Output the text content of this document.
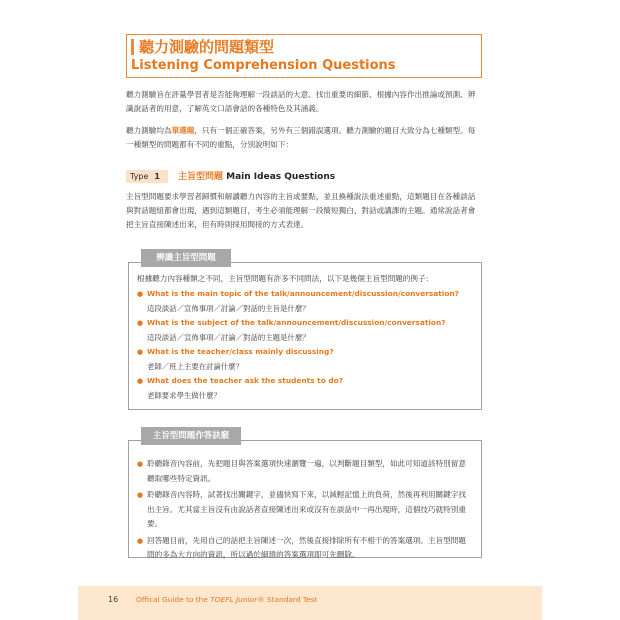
聽力測驗的問題類型
Listening Comprehension Questions
聽力測驗旨在評量學習者是否能夠理解一段談話的大意、找出重要的細節、根據內容作出推論或預測、辨識說話者的用意，了解英文口語會話的各種特色及其涵義。
聽力測驗均為單選題，只有一個正確答案，另外有三個錯誤選項。聽力測驗的題目大致分為七種類型。每一種類型的問題都有不同的重點，分別說明如下：
Type 1	主旨型問題 Main Ideas Questions
主旨型問題要求學習者歸慣和解讀聽力內容的主旨或要點，並且換種說法重述重點，這類題目在各種談話與對話題組都會出現，遇到這類題目，考生必須能理解一段簡短獨白、對話或講課的主題。通常說話者會把主旨直接陳述出來，但有時則採用間接的方式表達。
辨識主旨型問題
根據聽力內容種類之不同，主旨型問題有許多不同問法，以下是幾個主旨型問題的例子：
● What is the main topic of the talk/announcement/discussion/conversation?
這段談話／宣佈事項／討論／對話的主旨是什麼？
● What is the subject of the talk/announcement/discussion/conversation?
這段談話／宣佈事項／討論／對話的主題是什麼？
● What is the teacher/class mainly discussing?
老師／班上主要在討論什麼？
● What does the teacher ask the students to do?
老師要求學生做什麼？
主旨型問題作答訣竅
● 聆聽錄音內容前，先把題目與答案選項快速瀏覽一遍，以判斷題目類型，如此可知道該特別留意聽取哪些特定資訊。
● 聆聽錄音內容時，試著找出關鍵字，並儘快寫下來，以減輕記憶上的負荷，然後再利用關鍵字找出主旨。尤其當主旨沒有由說話者直接陳述出來或沒有在談話中一再出現時，這個技巧就特別重要。
● 回答題目前，先用自己的話把主旨陳述一次，然後直接排除所有不相干的答案選項。主旨型問題問的多為大方向的資訊，所以過於細瑣的答案選項即可先刪除。
16 Offical Guide to the TOEFL Junior® Standard Test
